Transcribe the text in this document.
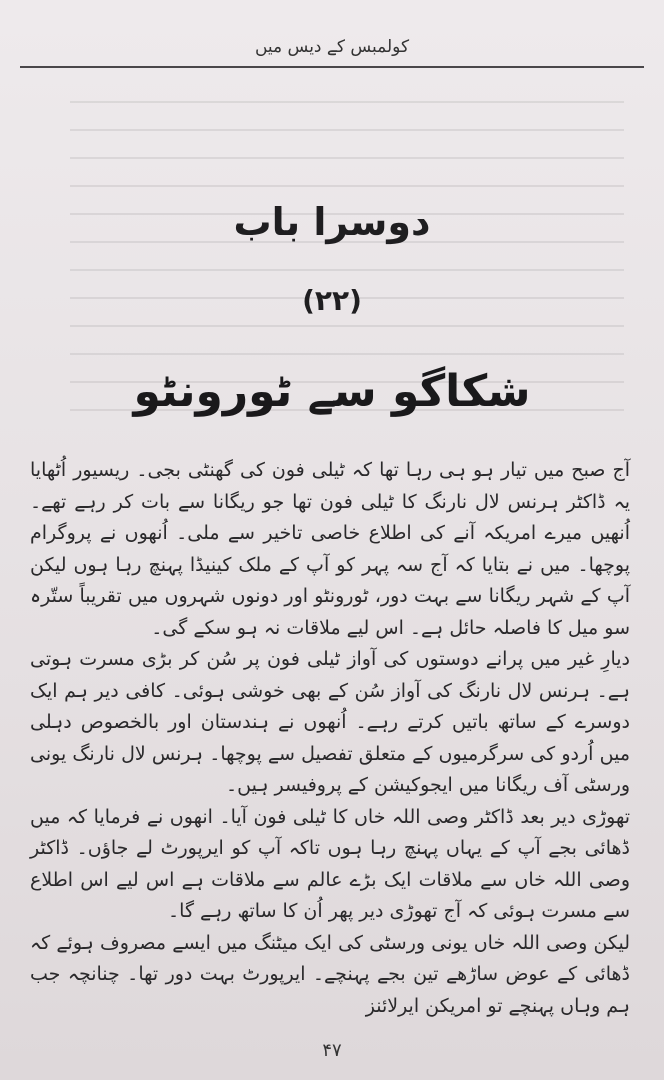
کولمبس کے دیس میں
دوسرا باب
(۲۲)
شکاگو سے ٹورونٹو

آج صبح میں تیار ہو ہی رہا تھا کہ ٹیلی فون کی گھنٹی بجی۔ ریسیور اُٹھایا یہ ڈاکٹر ہرنس لال نارنگ کا ٹیلی فون تھا جو ریگانا سے بات کر رہے تھے۔ اُنھیں میرے امریکہ آنے کی اطلاع خاصی تاخیر سے ملی۔ اُنھوں نے پروگرام پوچھا۔ میں نے بتایا کہ آج سہ پہر کو آپ کے ملک کینیڈا پہنچ رہا ہوں لیکن آپ کے شہر ریگانا سے بہت دور، ٹورونٹو اور دونوں شہروں میں تقریباً ستّرہ سو میل کا فاصلہ حائل ہے۔ اس لیے ملاقات نہ ہو سکے گی۔

دیارِ غیر میں پرانے دوستوں کی آواز ٹیلی فون پر سُن کر بڑی مسرت ہوتی ہے۔ ہرنس لال نارنگ کی آواز سُن کے بھی خوشی ہوئی۔ کافی دیر ہم ایک دوسرے کے ساتھ باتیں کرتے رہے۔ اُنھوں نے ہندستان اور بالخصوص دہلی میں اُردو کی سرگرمیوں کے متعلق تفصیل سے پوچھا۔ ہرنس لال نارنگ یونی ورسٹی آف ریگانا میں ایجوکیشن کے پروفیسر ہیں۔

تھوڑی دیر بعد ڈاکٹر وصی اللہ خاں کا ٹیلی فون آیا۔ انھوں نے فرمایا کہ میں ڈھائی بجے آپ کے یہاں پہنچ رہا ہوں تاکہ آپ کو ایرپورٹ لے جاؤں۔ ڈاکٹر وصی اللہ خاں سے ملاقات ایک بڑے عالم سے ملاقات ہے اس لیے اس اطلاع سے مسرت ہوئی کہ آج تھوڑی دیر پھر اُن کا ساتھ رہے گا۔

لیکن وصی اللہ خاں یونی ورسٹی کی ایک میٹنگ میں ایسے مصروف ہوئے کہ ڈھائی کے عوض ساڑھے تین بجے پہنچے۔ ایرپورٹ بہت دور تھا۔ چنانچہ جب ہم وہاں پہنچے تو امریکن ایرلائنز

۴۷
